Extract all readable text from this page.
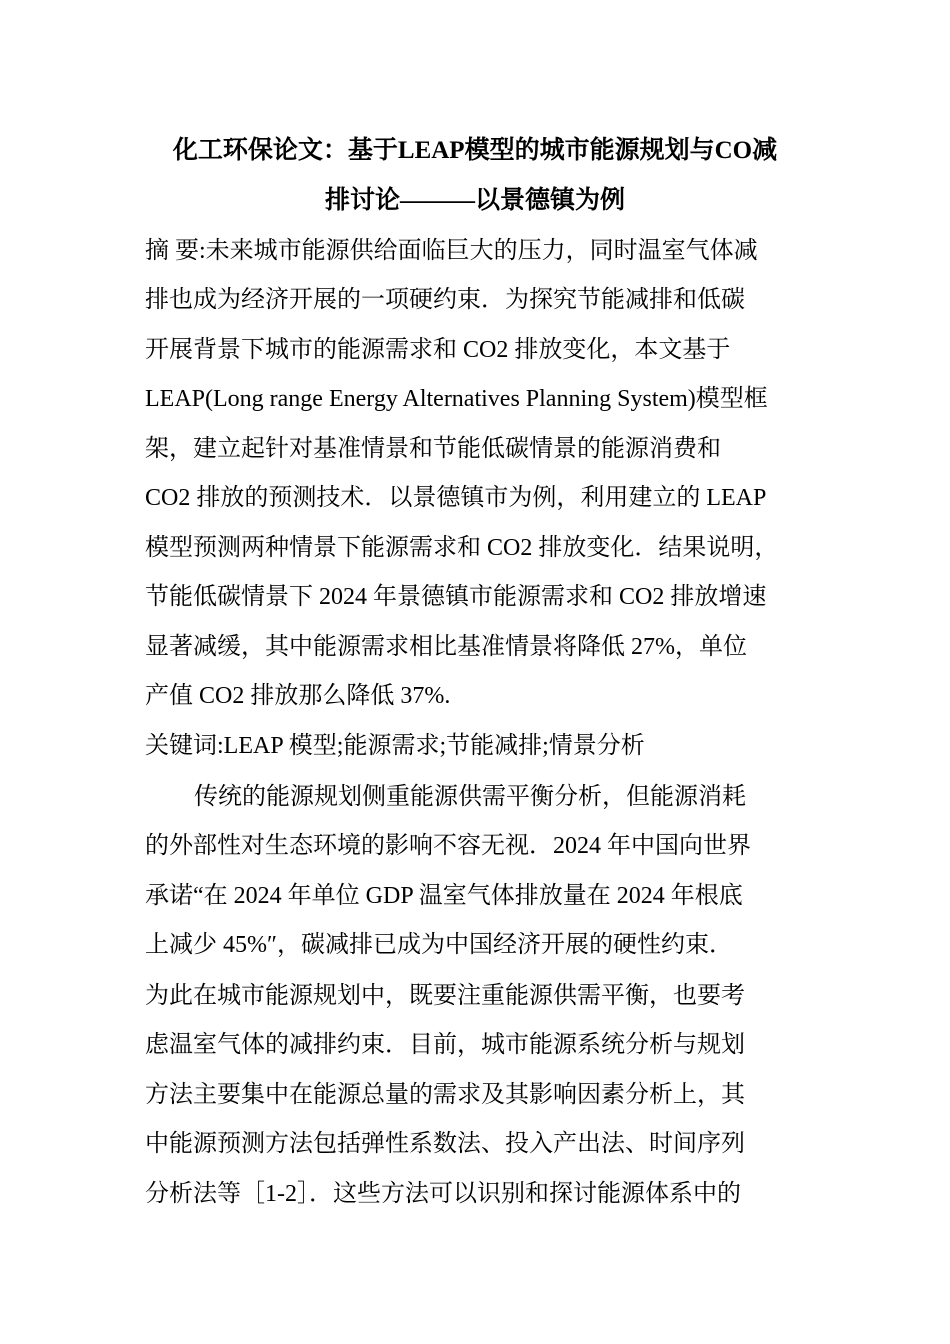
化工环保论文：基于LEAP模型的城市能源规划与CO减
排讨论———以景德镇为例
摘 要:未来城市能源供给面临巨大的压力，同时温室气体减
排也成为经济开展的一项硬约束．为探究节能减排和低碳
开展背景下城市的能源需求和 CO2 排放变化，本文基于
LEAP(Long range Energy Alternatives Planning System)模型框
架，建立起针对基准情景和节能低碳情景的能源消费和
CO2 排放的预测技术．以景德镇市为例，利用建立的 LEAP
模型预测两种情景下能源需求和 CO2 排放变化．结果说明，
节能低碳情景下 2024 年景德镇市能源需求和 CO2 排放增速
显著减缓，其中能源需求相比基准情景将降低 27%，单位
产值 CO2 排放那么降低 37%.
关键词:LEAP 模型;能源需求;节能减排;情景分析
传统的能源规划侧重能源供需平衡分析，但能源消耗
的外部性对生态环境的影响不容无视．2024 年中国向世界
承诺“在 2024 年单位 GDP 温室气体排放量在 2024 年根底
上减少 45%″，碳减排已成为中国经济开展的硬性约束．
为此在城市能源规划中，既要注重能源供需平衡，也要考
虑温室气体的减排约束．目前，城市能源系统分析与规划
方法主要集中在能源总量的需求及其影响因素分析上，其
中能源预测方法包括弹性系数法、投入产出法、时间序列
分析法等［1-2］．这些方法可以识别和探讨能源体系中的
